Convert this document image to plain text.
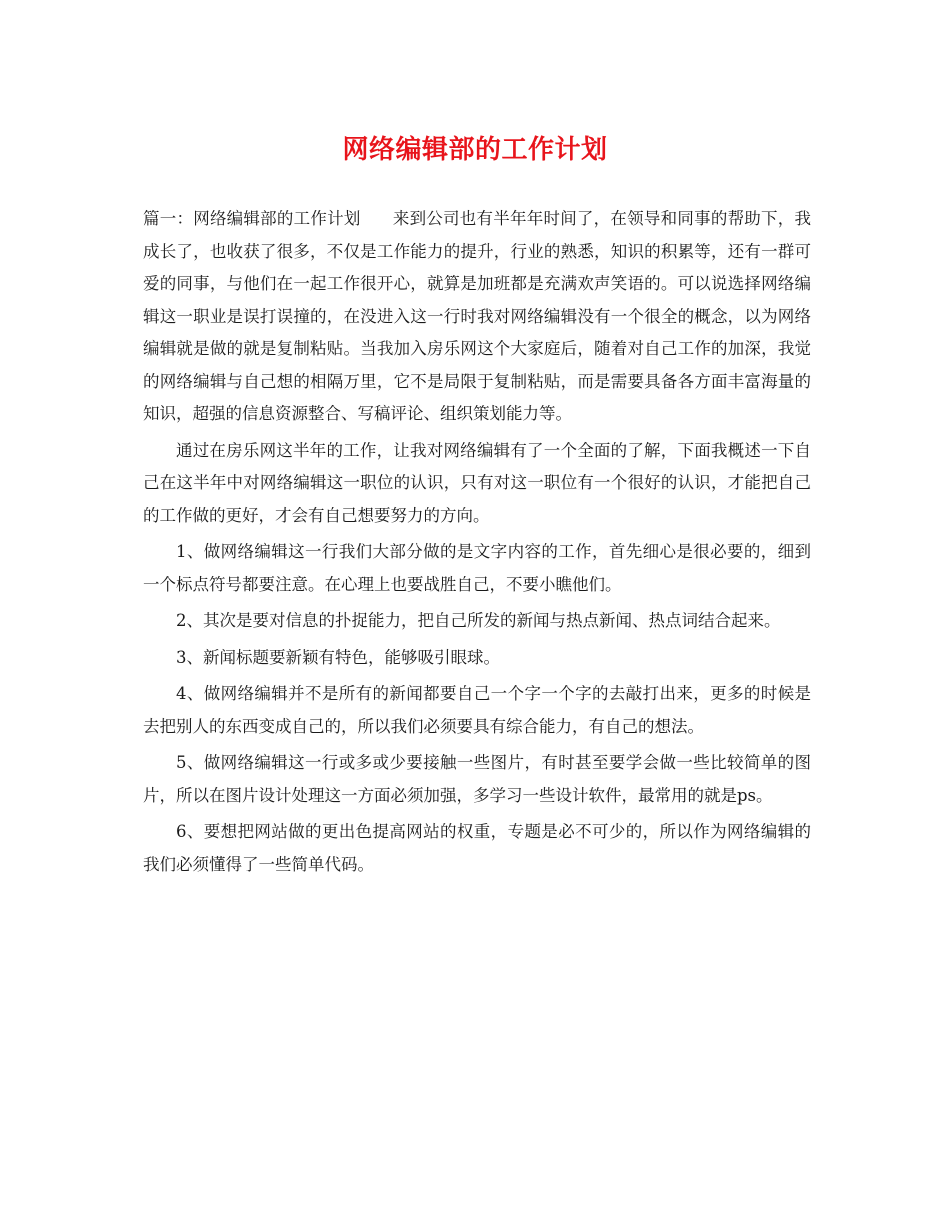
网络编辑部的工作计划

篇一：网络编辑部的工作计划 来到公司也有半年年时间了，在领导和同事的帮助下，我成长了，也收获了很多，不仅是工作能力的提升，行业的熟悉，知识的积累等，还有一群可爱的同事，与他们在一起工作很开心，就算是加班都是充满欢声笑语的。可以说选择网络编辑这一职业是误打误撞的，在没进入这一行时我对网络编辑没有一个很全的概念，以为网络编辑就是做的就是复制粘贴。当我加入房乐网这个大家庭后，随着对自己工作的加深，我觉的网络编辑与自己想的相隔万里，它不是局限于复制粘贴，而是需要具备各方面丰富海量的知识，超强的信息资源整合、写稿评论、组织策划能力等。

通过在房乐网这半年的工作，让我对网络编辑有了一个全面的了解，下面我概述一下自己在这半年中对网络编辑这一职位的认识，只有对这一职位有一个很好的认识，才能把自己的工作做的更好，才会有自己想要努力的方向。

1、做网络编辑这一行我们大部分做的是文字内容的工作，首先细心是很必要的，细到一个标点符号都要注意。在心理上也要战胜自己，不要小瞧他们。

2、其次是要对信息的扑捉能力，把自己所发的新闻与热点新闻、热点词结合起来。

3、新闻标题要新颖有特色，能够吸引眼球。

4、做网络编辑并不是所有的新闻都要自己一个字一个字的去敲打出来，更多的时候是去把别人的东西变成自己的，所以我们必须要具有综合能力，有自己的想法。

5、做网络编辑这一行或多或少要接触一些图片，有时甚至要学会做一些比较简单的图片，所以在图片设计处理这一方面必须加强，多学习一些设计软件，最常用的就是ps。

6、要想把网站做的更出色提高网站的权重，专题是必不可少的，所以作为网络编辑的我们必须懂得了一些简单代码。
